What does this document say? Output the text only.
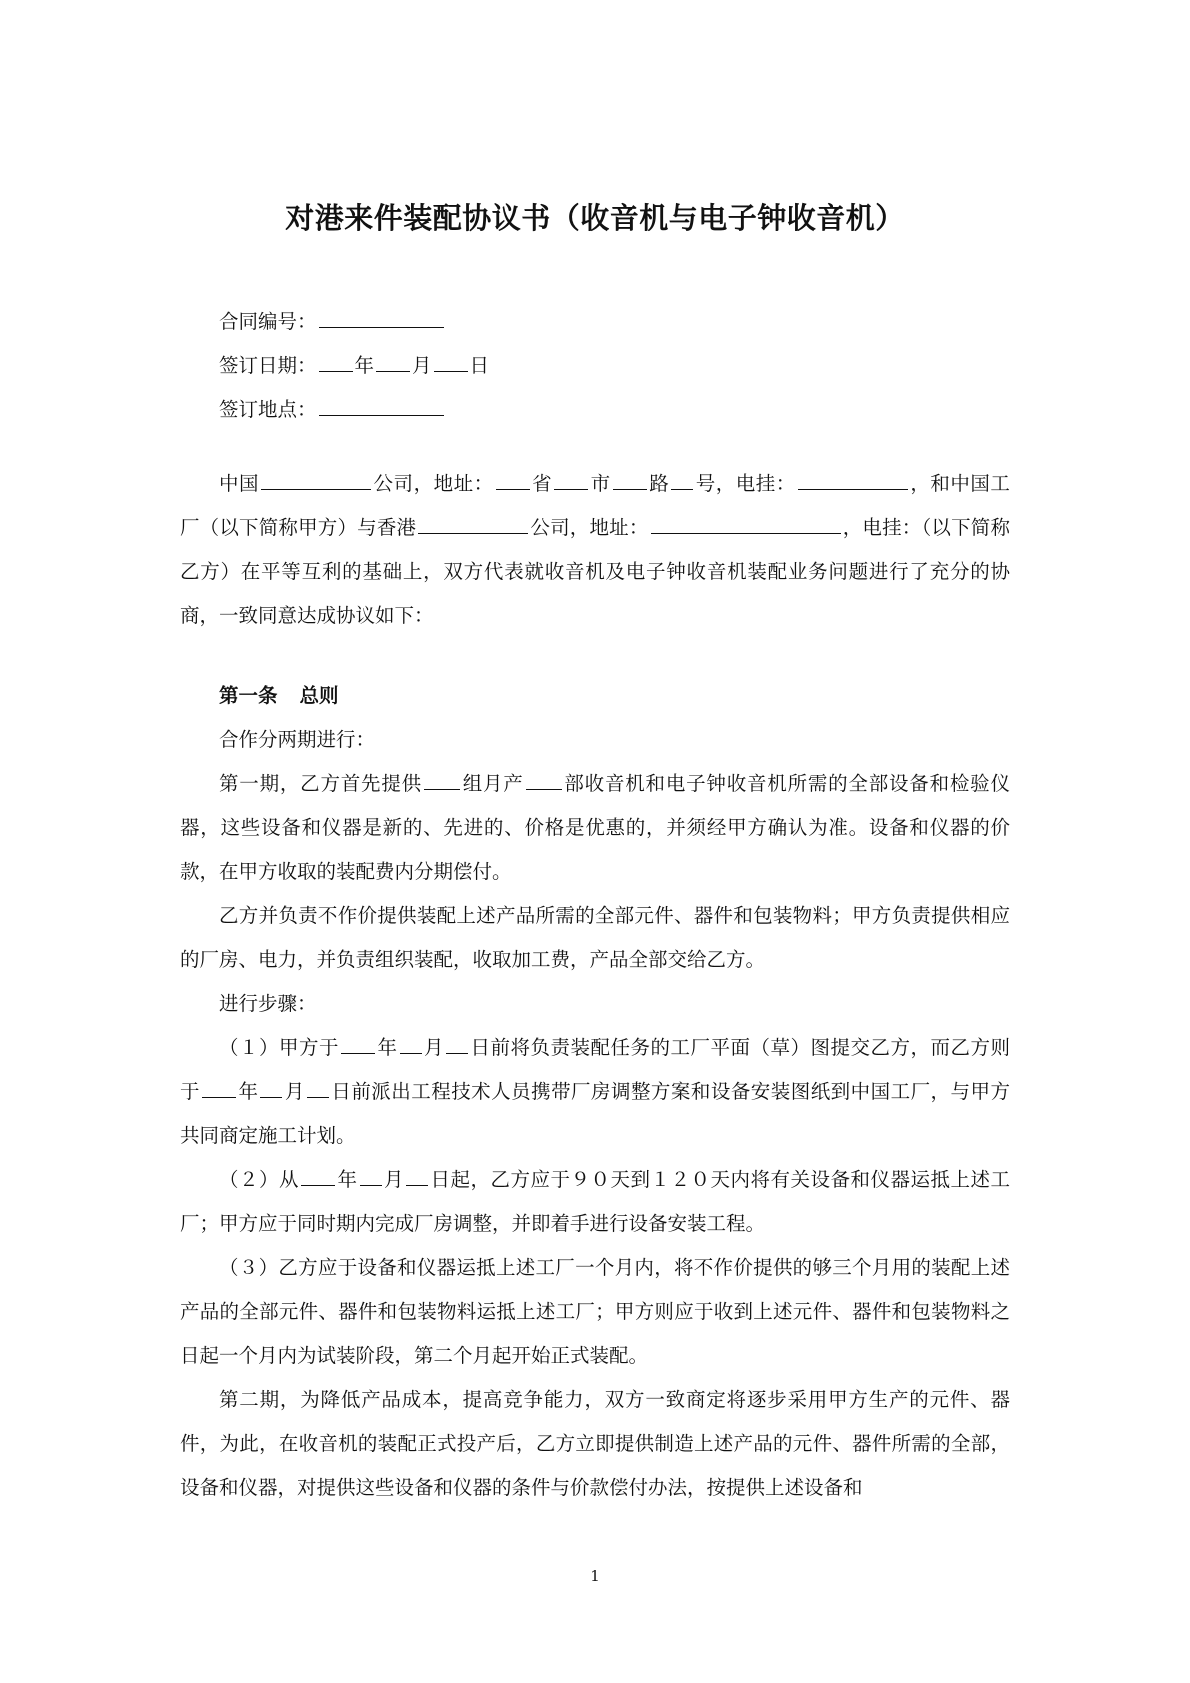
对港来件装配协议书（收音机与电子钟收音机）

合同编号：

签订日期： 年 月 日

签订地点：

中国	公司，地址： 省 市 路 号，电挂：	，和中国工厂（以下简称甲方）与香港	公司，地址：	，电挂：（以下简称乙方）在平等互利的基础上，双方代表就收音机及电子钟收音机装配业务问题进行了充分的协商，一致同意达成协议如下：

第一条 总则

合作分两期进行：

第一期，乙方首先提供 组月产 部收音机和电子钟收音机所需的全部设备和检验仪器，这些设备和仪器是新的、先进的、价格是优惠的，并须经甲方确认为准。设备和仪器的价款，在甲方收取的装配费内分期偿付。

乙方并负责不作价提供装配上述产品所需的全部元件、器件和包装物料；甲方负责提供相应的厂房、电力，并负责组织装配，收取加工费，产品全部交给乙方。

进行步骤：

（１）甲方于 年 月 日前将负责装配任务的工厂平面（草）图提交乙方，而乙方则于 年 月 日前派出工程技术人员携带厂房调整方案和设备安装图纸到中国工厂，与甲方共同商定施工计划。

（２）从 年 月 日起，乙方应于９０天到１２０天内将有关设备和仪器运抵上述工厂；甲方应于同时期内完成厂房调整，并即着手进行设备安装工程。

（３）乙方应于设备和仪器运抵上述工厂一个月内，将不作价提供的够三个月用的装配上述产品的全部元件、器件和包装物料运抵上述工厂；甲方则应于收到上述元件、器件和包装物料之日起一个月内为试装阶段，第二个月起开始正式装配。

第二期，为降低产品成本，提高竞争能力，双方一致商定将逐步采用甲方生产的元件、器件，为此，在收音机的装配正式投产后，乙方立即提供制造上述产品的元件、器件所需的全部，设备和仪器，对提供这些设备和仪器的条件与价款偿付办法，按提供上述设备和

1
